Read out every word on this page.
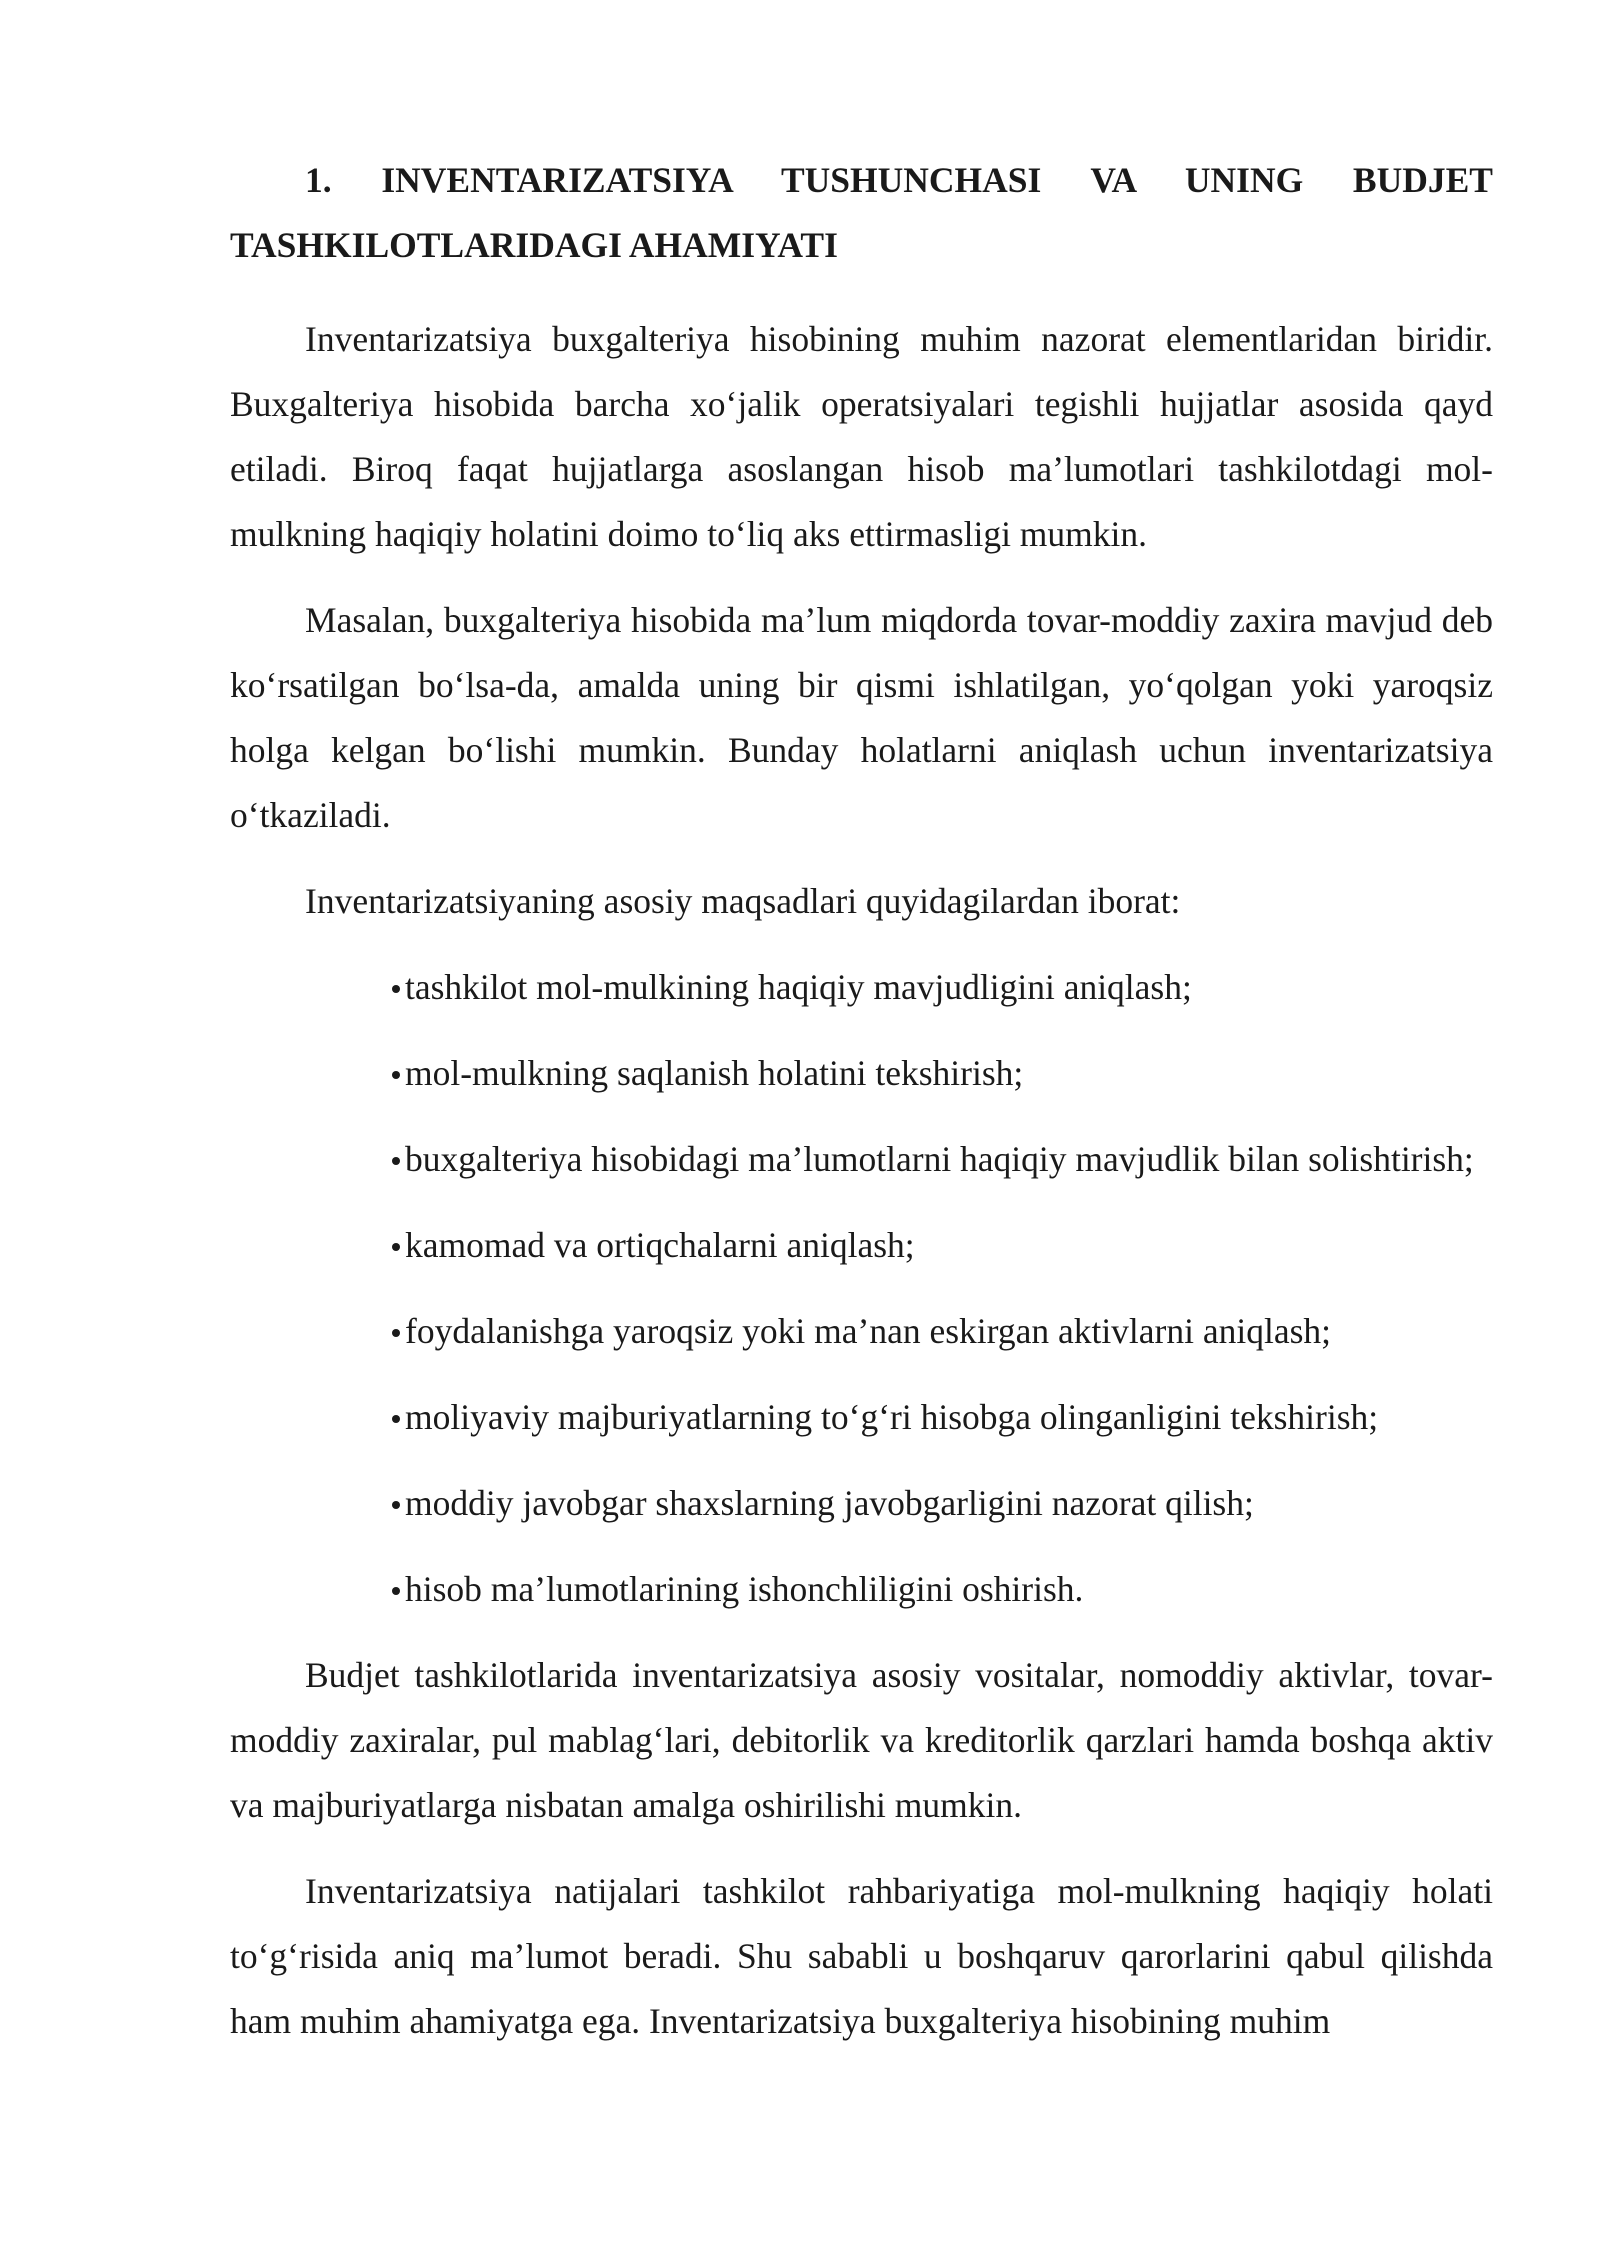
1. INVENTARIZATSIYA TUSHUNCHASI VA UNING BUDJET TASHKILOTLARIDAGI AHAMIYATI

Inventarizatsiya buxgalteriya hisobining muhim nazorat elementlaridan biridir. Buxgalteriya hisobida barcha xo‘jalik operatsiyalari tegishli hujjatlar asosida qayd etiladi. Biroq faqat hujjatlarga asoslangan hisob ma’lumotlari tashkilotdagi mol-mulkning haqiqiy holatini doimo to‘liq aks ettirmasligi mumkin.

Masalan, buxgalteriya hisobida ma’lum miqdorda tovar-moddiy zaxira mavjud deb ko‘rsatilgan bo‘lsa-da, amalda uning bir qismi ishlatilgan, yo‘qolgan yoki yaroqsiz holga kelgan bo‘lishi mumkin. Bunday holatlarni aniqlash uchun inventarizatsiya o‘tkaziladi.

Inventarizatsiyaning asosiy maqsadlari quyidagilardan iborat:

tashkilot mol-mulkining haqiqiy mavjudligini aniqlash;
mol-mulkning saqlanish holatini tekshirish;
buxgalteriya hisobidagi ma’lumotlarni haqiqiy mavjudlik bilan solishtirish;
kamomad va ortiqchalarni aniqlash;
foydalanishga yaroqsiz yoki ma’nan eskirgan aktivlarni aniqlash;
moliyaviy majburiyatlarning to‘g‘ri hisobga olinganligini tekshirish;
moddiy javobgar shaxslarning javobgarligini nazorat qilish;
hisob ma’lumotlarining ishonchliligini oshirish.

Budjet tashkilotlarida inventarizatsiya asosiy vositalar, nomoddiy aktivlar, tovar-moddiy zaxiralar, pul mablag‘lari, debitorlik va kreditorlik qarzlari hamda boshqa aktiv va majburiyatlarga nisbatan amalga oshirilishi mumkin.

Inventarizatsiya natijalari tashkilot rahbariyatiga mol-mulkning haqiqiy holati to‘g‘risida aniq ma’lumot beradi. Shu sababli u boshqaruv qarorlarini qabul qilishda ham muhim ahamiyatga ega. Inventarizatsiya buxgalteriya hisobining muhim
